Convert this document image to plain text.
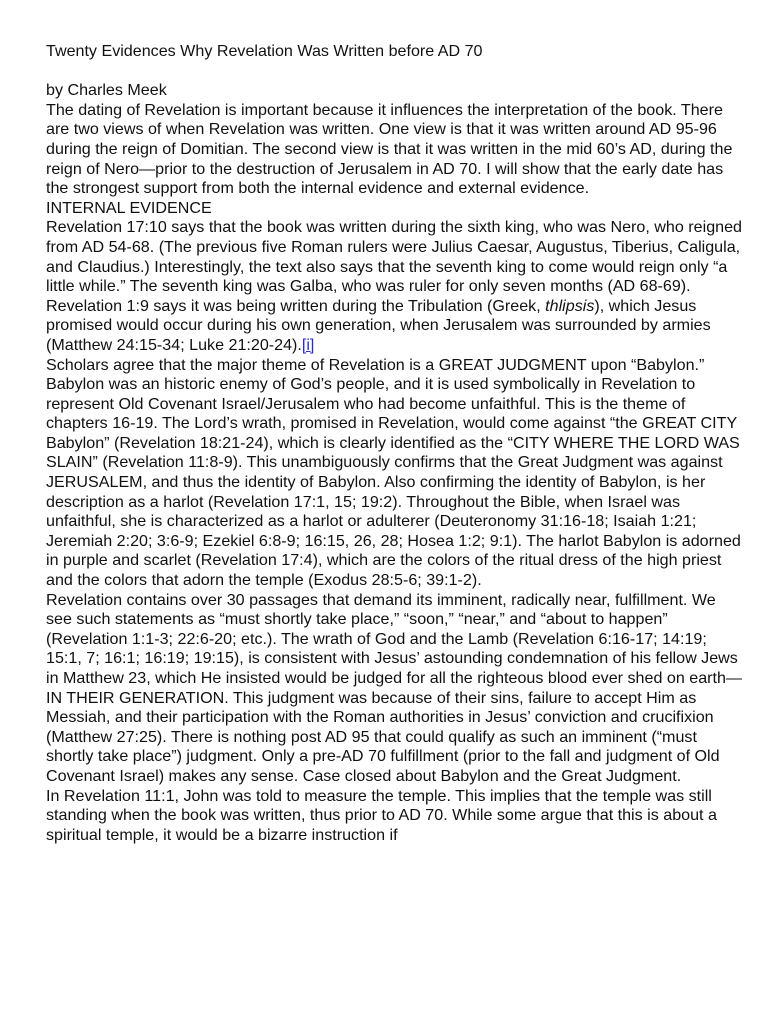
Twenty Evidences Why Revelation Was Written before AD 70

by Charles Meek

The dating of Revelation is important because it influences the interpretation of the book. There are two views of when Revelation was written. One view is that it was written around AD 95-96 during the reign of Domitian. The second view is that it was written in the mid 60’s AD, during the reign of Nero—prior to the destruction of Jerusalem in AD 70. I will show that the early date has the strongest support from both the internal evidence and external evidence.

INTERNAL EVIDENCE

Revelation 17:10 says that the book was written during the sixth king, who was Nero, who reigned from AD 54-68. (The previous five Roman rulers were Julius Caesar, Augustus, Tiberius, Caligula, and Claudius.) Interestingly, the text also says that the seventh king to come would reign only “a little while.” The seventh king was Galba, who was ruler for only seven months (AD 68-69).

Revelation 1:9 says it was being written during the Tribulation (Greek, thlipsis), which Jesus promised would occur during his own generation, when Jerusalem was surrounded by armies (Matthew 24:15-34; Luke 21:20-24).[i]

Scholars agree that the major theme of Revelation is a GREAT JUDGMENT upon “Babylon.” Babylon was an historic enemy of God’s people, and it is used symbolically in Revelation to represent Old Covenant Israel/Jerusalem who had become unfaithful. This is the theme of chapters 16-19. The Lord’s wrath, promised in Revelation, would come against “the GREAT CITY Babylon” (Revelation 18:21-24), which is clearly identified as the “CITY WHERE THE LORD WAS SLAIN” (Revelation 11:8-9). This unambiguously confirms that the Great Judgment was against JERUSALEM, and thus the identity of Babylon. Also confirming the identity of Babylon, is her description as a harlot (Revelation 17:1, 15; 19:2). Throughout the Bible, when Israel was unfaithful, she is characterized as a harlot or adulterer (Deuteronomy 31:16-18; Isaiah 1:21; Jeremiah 2:20; 3:6-9; Ezekiel 6:8-9; 16:15, 26, 28; Hosea 1:2; 9:1). The harlot Babylon is adorned in purple and scarlet (Revelation 17:4), which are the colors of the ritual dress of the high priest and the colors that adorn the temple (Exodus 28:5-6; 39:1-2).

Revelation contains over 30 passages that demand its imminent, radically near, fulfillment. We see such statements as “must shortly take place,” “soon,” “near,” and “about to happen” (Revelation 1:1-3; 22:6-20; etc.). The wrath of God and the Lamb (Revelation 6:16-17; 14:19; 15:1, 7; 16:1; 16:19; 19:15), is consistent with Jesus’ astounding condemnation of his fellow Jews in Matthew 23, which He insisted would be judged for all the righteous blood ever shed on earth—IN THEIR GENERATION. This judgment was because of their sins, failure to accept Him as Messiah, and their participation with the Roman authorities in Jesus’ conviction and crucifixion (Matthew 27:25). There is nothing post AD 95 that could qualify as such an imminent (“must shortly take place”) judgment. Only a pre-AD 70 fulfillment (prior to the fall and judgment of Old Covenant Israel) makes any sense. Case closed about Babylon and the Great Judgment.

In Revelation 11:1, John was told to measure the temple. This implies that the temple was still standing when the book was written, thus prior to AD 70. While some argue that this is about a spiritual temple, it would be a bizarre instruction if
